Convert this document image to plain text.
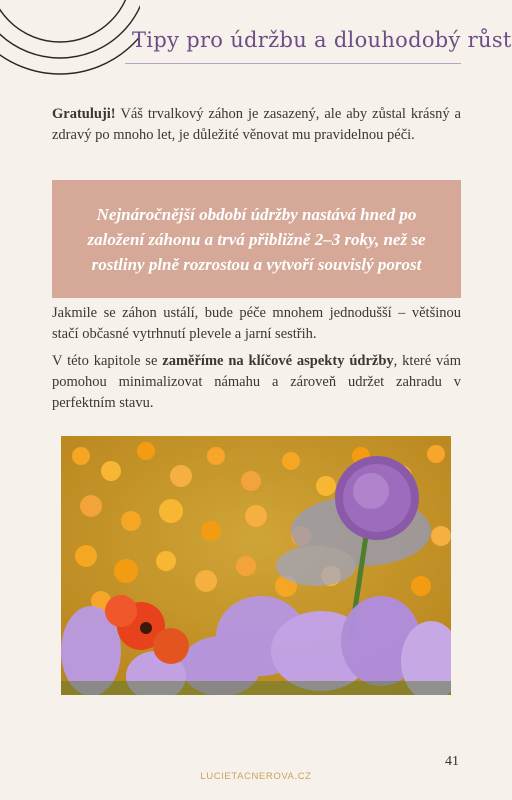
Tipy pro údržbu a dlouhodobý růst
Gratuluji! Váš trvalkový záhon je zasazený, ale aby zůstal krásný a zdravý po mnoho let, je důležité věnovat mu pravidelnou péči.
Nejnáročnější období údržby nastává hned po založení záhonu a trvá přibližně 2–3 roky, než se rostliny plně rozrostou a vytvoří souvislý porost
Jakmile se záhon ustálí, bude péče mnohem jednodušší – většinou stačí občasné vytrhnutí plevele a jarní sestřih.
V této kapitole se zaměříme na klíčové aspekty údržby, které vám pomohou minimalizovat námahu a zároveň udržet zahradu v perfektním stavu.
41
LUCIETACNEROVA.CZ
